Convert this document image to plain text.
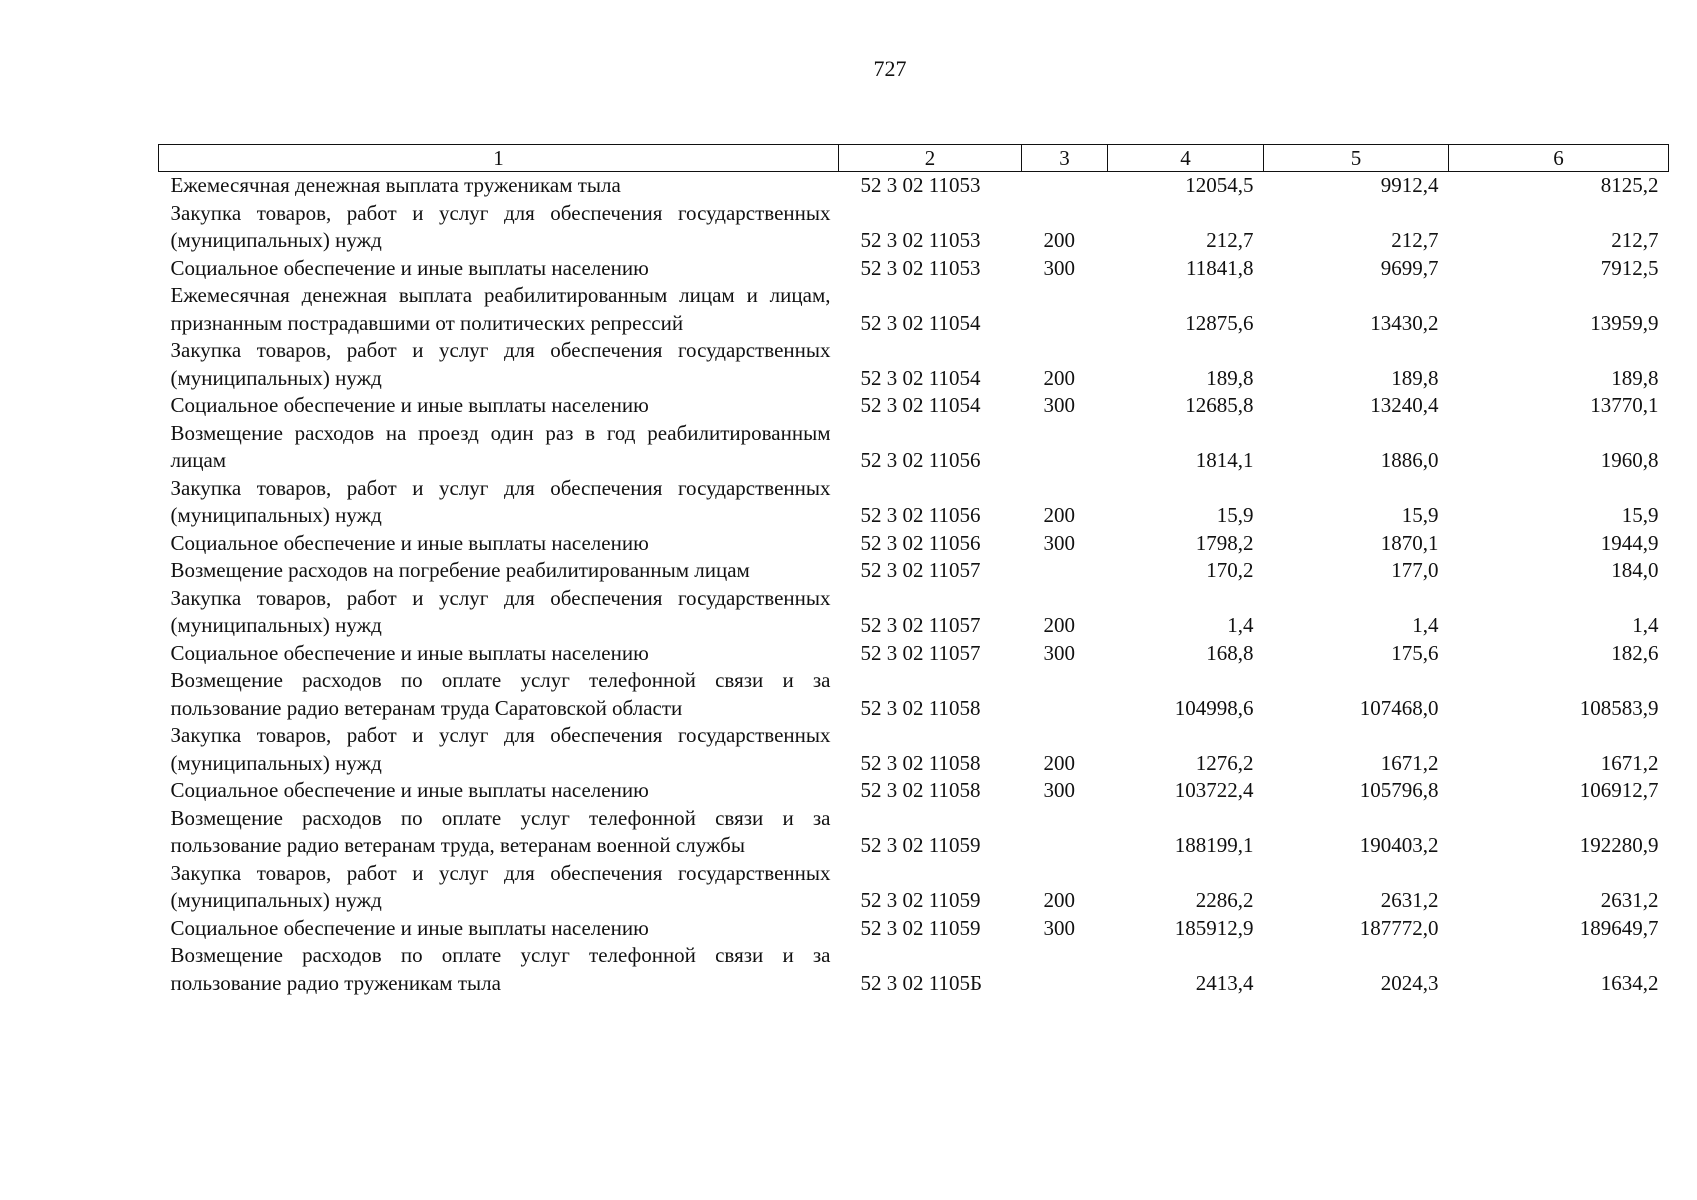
727
1	2	3	4	5	6
Ежемесячная денежная выплата труженикам тыла	52 3 02 11053		12054,5	9912,4	8125,2
Закупка товаров, работ и услуг для обеспечения государственных (муниципальных) нужд	52 3 02 11053	200	212,7	212,7	212,7
Социальное обеспечение и иные выплаты населению	52 3 02 11053	300	11841,8	9699,7	7912,5
Ежемесячная денежная выплата реабилитированным лицам и лицам, признанным пострадавшими от политических репрессий	52 3 02 11054		12875,6	13430,2	13959,9
Закупка товаров, работ и услуг для обеспечения государственных (муниципальных) нужд	52 3 02 11054	200	189,8	189,8	189,8
Социальное обеспечение и иные выплаты населению	52 3 02 11054	300	12685,8	13240,4	13770,1
Возмещение расходов на проезд один раз в год реабилитированным лицам	52 3 02 11056		1814,1	1886,0	1960,8
Закупка товаров, работ и услуг для обеспечения государственных (муниципальных) нужд	52 3 02 11056	200	15,9	15,9	15,9
Социальное обеспечение и иные выплаты населению	52 3 02 11056	300	1798,2	1870,1	1944,9
Возмещение расходов на погребение реабилитированным лицам	52 3 02 11057		170,2	177,0	184,0
Закупка товаров, работ и услуг для обеспечения государственных (муниципальных) нужд	52 3 02 11057	200	1,4	1,4	1,4
Социальное обеспечение и иные выплаты населению	52 3 02 11057	300	168,8	175,6	182,6
Возмещение расходов по оплате услуг телефонной связи и за пользование радио ветеранам труда Саратовской области	52 3 02 11058		104998,6	107468,0	108583,9
Закупка товаров, работ и услуг для обеспечения государственных (муниципальных) нужд	52 3 02 11058	200	1276,2	1671,2	1671,2
Социальное обеспечение и иные выплаты населению	52 3 02 11058	300	103722,4	105796,8	106912,7
Возмещение расходов по оплате услуг телефонной связи и за пользование радио ветеранам труда, ветеранам военной службы	52 3 02 11059		188199,1	190403,2	192280,9
Закупка товаров, работ и услуг для обеспечения государственных (муниципальных) нужд	52 3 02 11059	200	2286,2	2631,2	2631,2
Социальное обеспечение и иные выплаты населению	52 3 02 11059	300	185912,9	187772,0	189649,7
Возмещение расходов по оплате услуг телефонной связи и за пользование радио труженикам тыла	52 3 02 1105Б		2413,4	2024,3	1634,2
